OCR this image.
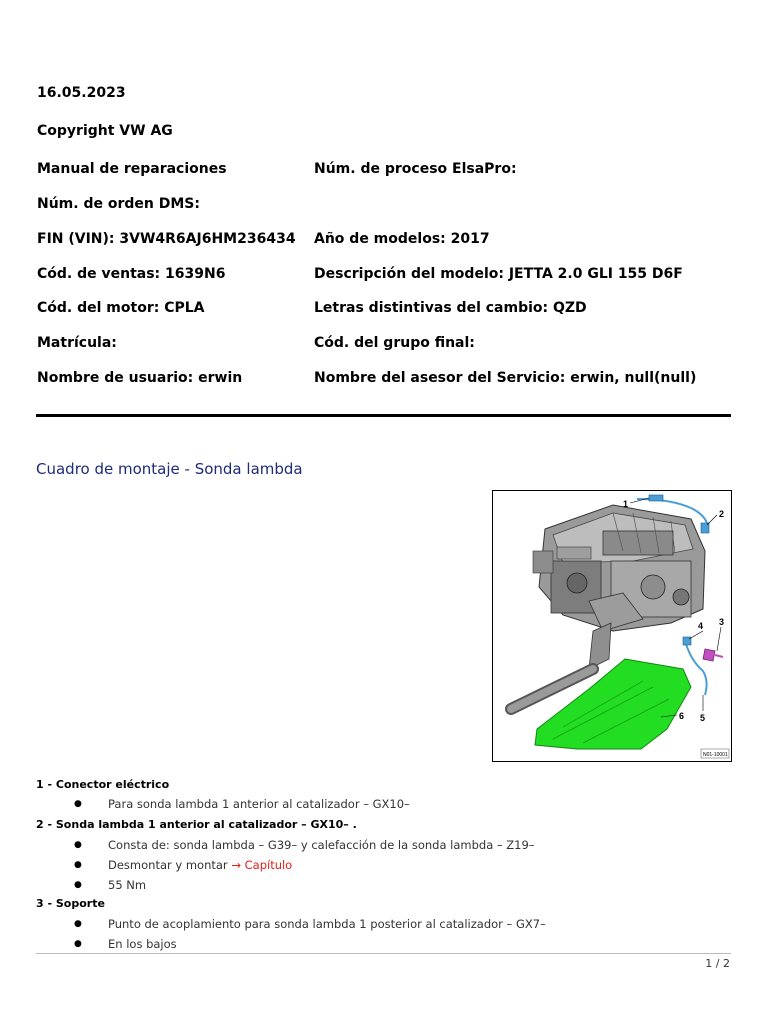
16.05.2023
Copyright VW AG
Manual de reparaciones
Núm. de orden DMS:
FIN (VIN): 3VW4R6AJ6HM236434
Cód. de ventas: 1639N6
Cód. del motor: CPLA
Matrícula:
Nombre de usuario: erwin
Núm. de proceso ElsaPro:
Año de modelos: 2017
Descripción del modelo: JETTA 2.0 GLI 155 D6F
Letras distintivas del cambio: QZD
Cód. del grupo final:
Nombre del asesor del Servicio: erwin, null(null)
Cuadro de montaje - Sonda lambda
1
2
3
4
5
6
N01-10001
1 - Conector eléctrico
● Para sonda lambda 1 anterior al catalizador – GX10–
2 - Sonda lambda 1 anterior al catalizador – GX10– .
● Consta de: sonda lambda – G39– y calefacción de la sonda lambda – Z19–
● Desmontar y montar → Capítulo
● 55 Nm
3 - Soporte
● Punto de acoplamiento para sonda lambda 1 posterior al catalizador – GX7–
● En los bajos
1 / 2
